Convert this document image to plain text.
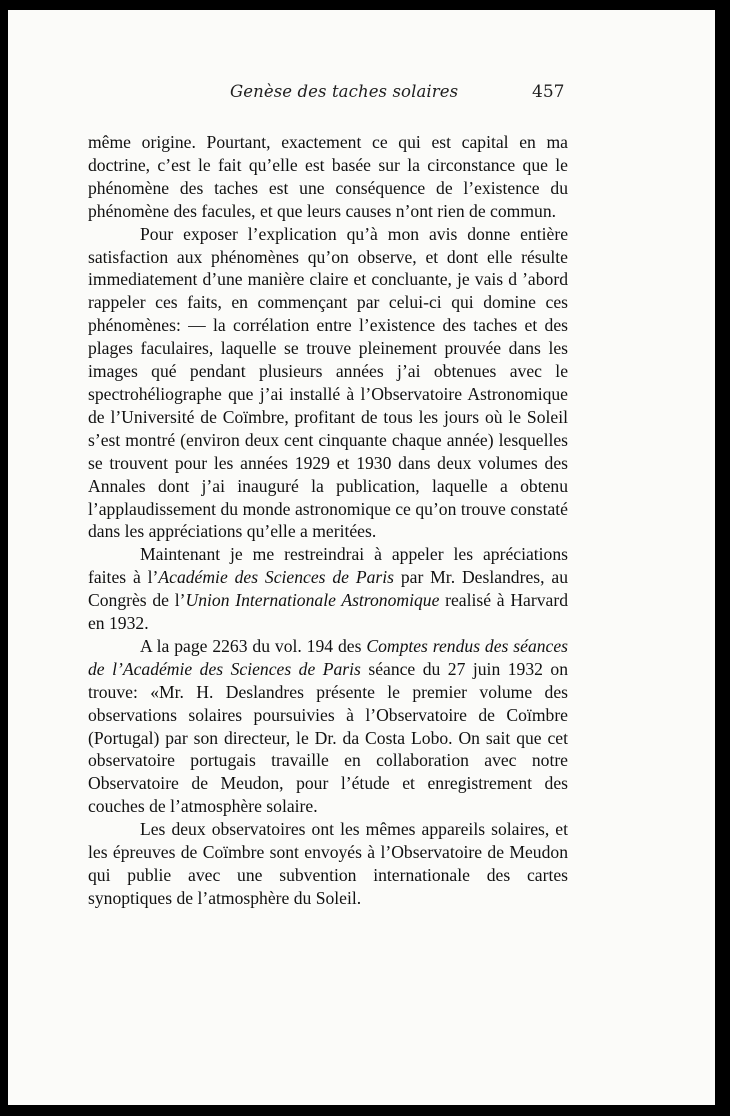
Genèse des taches solaires	457

même origine. Pourtant, exactement ce qui est capital en ma doctrine, c’est le fait qu’elle est basée sur la circonstance que le phénomène des taches est une conséquence de l’existence du phénomène des facules, et que leurs causes n’ont rien de commun.

Pour exposer l’explication qu’à mon avis donne entière satisfaction aux phénomènes qu’on observe, et dont elle résulte immediatement d’une manière claire et concluante, je vais d ’abord rappeler ces faits, en commençant par celui-ci qui domine ces phénomènes: — la corrélation entre l’existence des taches et des plages faculaires, laquelle se trouve pleinement prouvée dans les images qué pendant plusieurs années j’ai obtenues avec le spectrohéliographe que j’ai installé à l’Observatoire Astronomique de l’Université de Coïmbre, profitant de tous les jours où le Soleil s’est montré (environ deux cent cinquante chaque année) lesquelles se trouvent pour les années 1929 et 1930 dans deux volumes des Annales dont j’ai inauguré la publication, laquelle a obtenu l’applaudissement du monde astronomique ce qu’on trouve constaté dans les appréciations qu’elle a meritées.

Maintenant je me restreindrai à appeler les apréciations faites à l’Académie des Sciences de Paris par Mr. Deslandres, au Congrès de l’Union Internationale Astronomique realisé à Harvard en 1932.

A la page 2263 du vol. 194 des Comptes rendus des séances de l’Académie des Sciences de Paris séance du 27 juin 1932 on trouve: «Mr. H. Deslandres présente le premier volume des observations solaires poursuivies à l’Observatoire de Coïmbre (Portugal) par son directeur, le Dr. da Costa Lobo. On sait que cet observatoire portugais travaille en collaboration avec notre Observatoire de Meudon, pour l’étude et enregistrement des couches de l’atmosphère solaire.

Les deux observatoires ont les mêmes appareils solaires, et les épreuves de Coïmbre sont envoyés à l’Observatoire de Meudon qui publie avec une subvention internationale des cartes synoptiques de l’atmosphère du Soleil.
